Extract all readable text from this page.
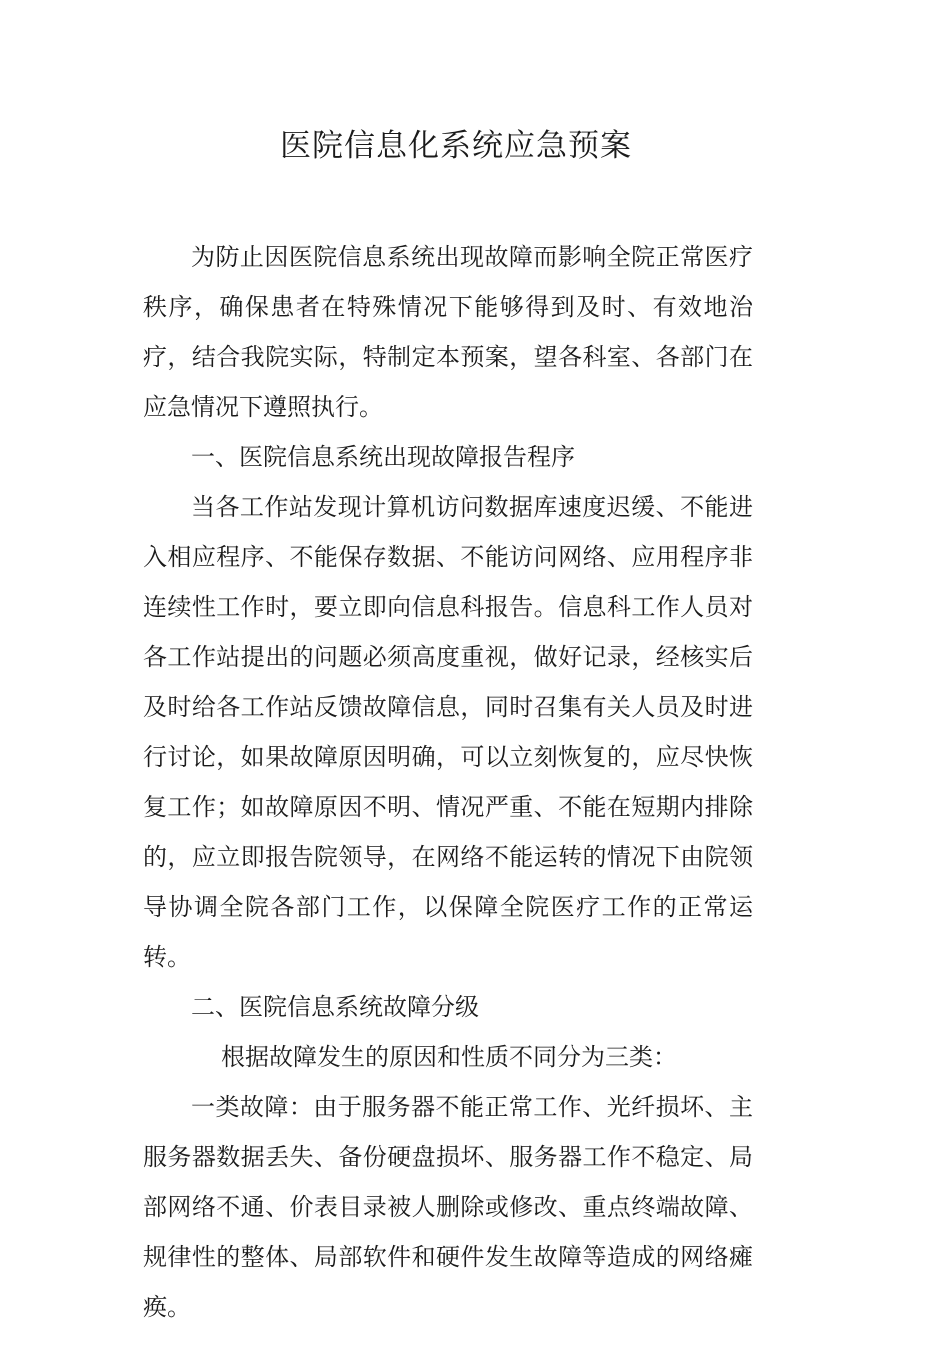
医院信息化系统应急预案

为防止因医院信息系统出现故障而影响全院正常医疗秩序，确保患者在特殊情况下能够得到及时、有效地治疗，结合我院实际，特制定本预案，望各科室、各部门在应急情况下遵照执行。

一、医院信息系统出现故障报告程序

当各工作站发现计算机访问数据库速度迟缓、不能进入相应程序、不能保存数据、不能访问网络、应用程序非连续性工作时，要立即向信息科报告。信息科工作人员对各工作站提出的问题必须高度重视，做好记录，经核实后及时给各工作站反馈故障信息，同时召集有关人员及时进行讨论，如果故障原因明确，可以立刻恢复的，应尽快恢复工作；如故障原因不明、情况严重、不能在短期内排除的，应立即报告院领导，在网络不能运转的情况下由院领导协调全院各部门工作，以保障全院医疗工作的正常运转。

二、医院信息系统故障分级

根据故障发生的原因和性质不同分为三类：

一类故障：由于服务器不能正常工作、光纤损坏、主服务器数据丢失、备份硬盘损坏、服务器工作不稳定、局部网络不通、价表目录被人删除或修改、重点终端故障、规律性的整体、局部软件和硬件发生故障等造成的网络瘫痪。
